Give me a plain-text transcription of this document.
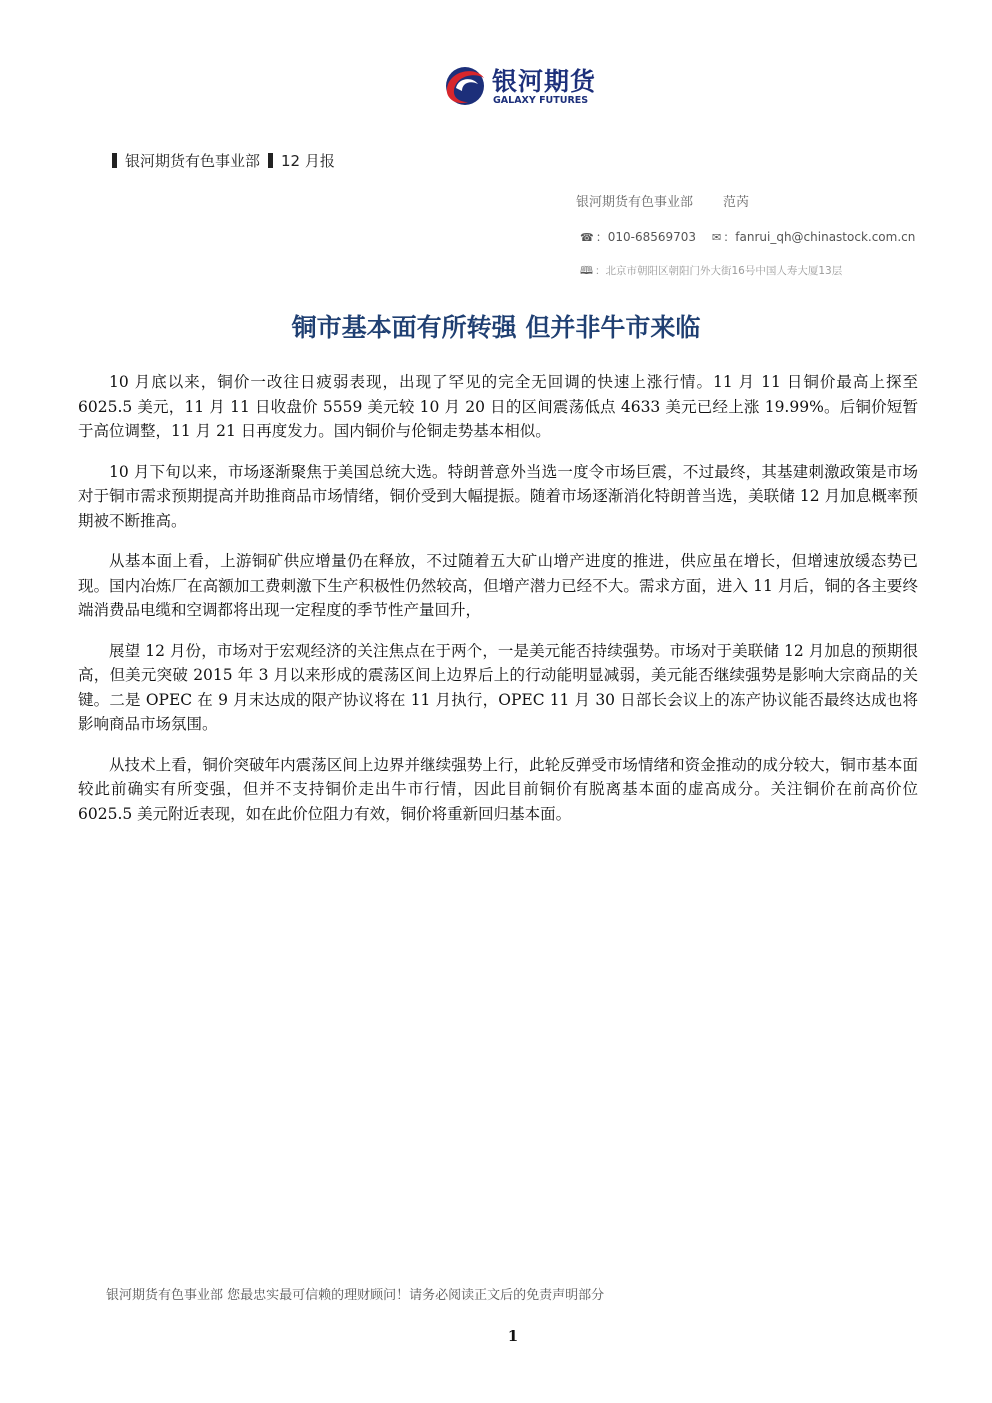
银河期货
GALAXY FUTURES
银河期货有色事业部 12 月报
银河期货有色事业部 范芮
☎ ：010-68569703 ✉ ：fanrui_qh@chinastock.com.cn
🕮 ：北京市朝阳区朝阳门外大街16号中国人寿大厦13层
铜市基本面有所转强 但并非牛市来临

10 月底以来，铜价一改往日疲弱表现，出现了罕见的完全无回调的快速上涨行情。11 月 11 日铜价最高上探至 6025.5 美元，11 月 11 日收盘价 5559 美元较 10 月 20 日的区间震荡低点 4633 美元已经上涨 19.99%。后铜价短暂于高位调整，11 月 21 日再度发力。国内铜价与伦铜走势基本相似。

10 月下旬以来，市场逐渐聚焦于美国总统大选。特朗普意外当选一度令市场巨震，不过最终，其基建刺激政策是市场对于铜市需求预期提高并助推商品市场情绪，铜价受到大幅提振。随着市场逐渐消化特朗普当选，美联储 12 月加息概率预期被不断推高。

从基本面上看，上游铜矿供应增量仍在释放，不过随着五大矿山增产进度的推进，供应虽在增长，但增速放缓态势已现。国内冶炼厂在高额加工费刺激下生产积极性仍然较高，但增产潜力已经不大。需求方面，进入 11 月后，铜的各主要终端消费品电缆和空调都将出现一定程度的季节性产量回升，

展望 12 月份，市场对于宏观经济的关注焦点在于两个，一是美元能否持续强势。市场对于美联储 12 月加息的预期很高，但美元突破 2015 年 3 月以来形成的震荡区间上边界后上的行动能明显减弱，美元能否继续强势是影响大宗商品的关键。二是 OPEC 在 9 月末达成的限产协议将在 11 月执行，OPEC 11 月 30 日部长会议上的冻产协议能否最终达成也将影响商品市场氛围。

从技术上看，铜价突破年内震荡区间上边界并继续强势上行，此轮反弹受市场情绪和资金推动的成分较大，铜市基本面较此前确实有所变强，但并不支持铜价走出牛市行情，因此目前铜价有脱离基本面的虚高成分。关注铜价在前高价位 6025.5 美元附近表现，如在此价位阻力有效，铜价将重新回归基本面。

银河期货有色事业部 您最忠实最可信赖的理财顾问！请务必阅读正文后的免责声明部分
1
